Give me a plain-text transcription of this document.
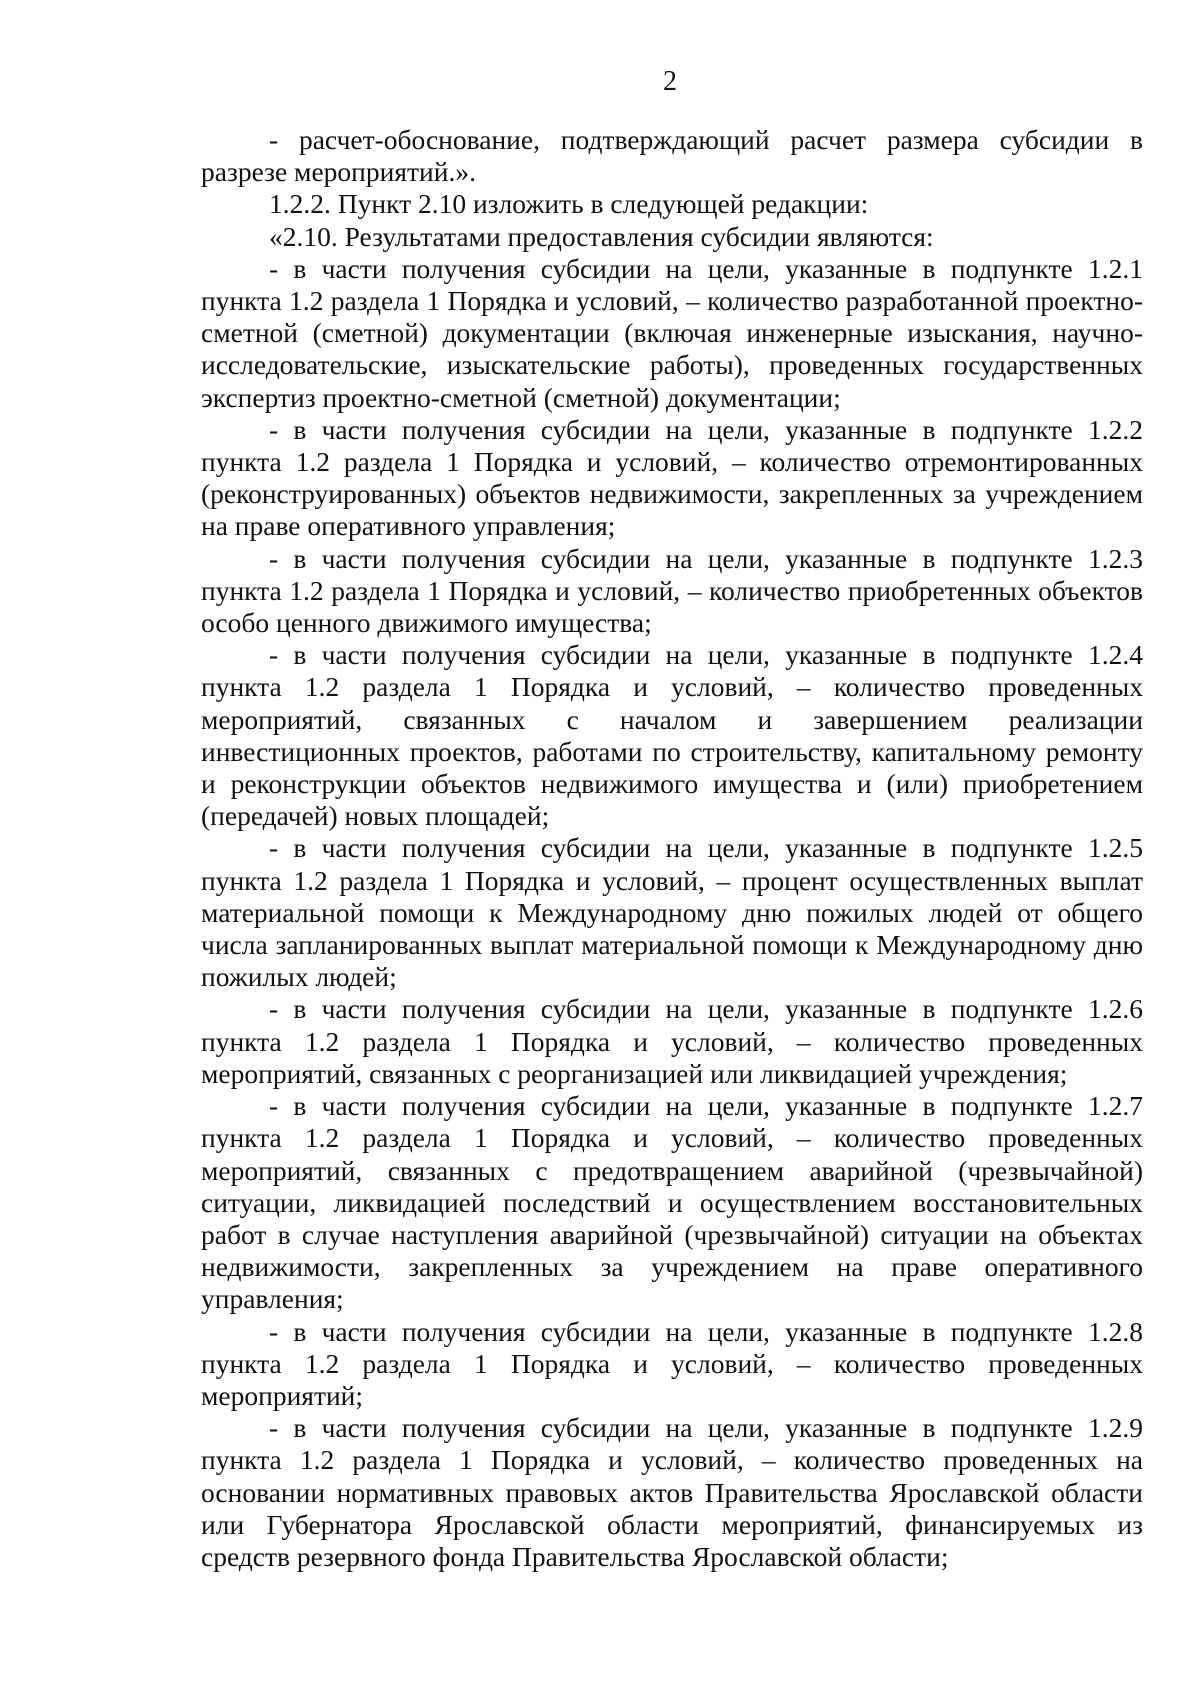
2

- расчет-обоснование, подтверждающий расчет размера субсидии в разрезе мероприятий.».

1.2.2. Пункт 2.10 изложить в следующей редакции:

«2.10. Результатами предоставления субсидии являются:

- в части получения субсидии на цели, указанные в подпункте 1.2.1 пункта 1.2 раздела 1 Порядка и условий, – количество разработанной проектно-сметной (сметной) документации (включая инженерные изыскания, научно-исследовательские, изыскательские работы), проведенных государственных экспертиз проектно-сметной (сметной) документации;

- в части получения субсидии на цели, указанные в подпункте 1.2.2 пункта 1.2 раздела 1 Порядка и условий, – количество отремонтированных (реконструированных) объектов недвижимости, закрепленных за учреждением на праве оперативного управления;

- в части получения субсидии на цели, указанные в подпункте 1.2.3 пункта 1.2 раздела 1 Порядка и условий, – количество приобретенных объектов особо ценного движимого имущества;

- в части получения субсидии на цели, указанные в подпункте 1.2.4 пункта 1.2 раздела 1 Порядка и условий, – количество проведенных мероприятий, связанных с началом и завершением реализации инвестиционных проектов, работами по строительству, капитальному ремонту и реконструкции объектов недвижимого имущества и (или) приобретением (передачей) новых площадей;

- в части получения субсидии на цели, указанные в подпункте 1.2.5 пункта 1.2 раздела 1 Порядка и условий, – процент осуществленных выплат материальной помощи к Международному дню пожилых людей от общего числа запланированных выплат материальной помощи к Международному дню пожилых людей;

- в части получения субсидии на цели, указанные в подпункте 1.2.6 пункта 1.2 раздела 1 Порядка и условий, – количество проведенных мероприятий, связанных с реорганизацией или ликвидацией учреждения;

- в части получения субсидии на цели, указанные в подпункте 1.2.7 пункта 1.2 раздела 1 Порядка и условий, – количество проведенных мероприятий, связанных с предотвращением аварийной (чрезвычайной) ситуации, ликвидацией последствий и осуществлением восстановительных работ в случае наступления аварийной (чрезвычайной) ситуации на объектах недвижимости, закрепленных за учреждением на праве оперативного управления;

- в части получения субсидии на цели, указанные в подпункте 1.2.8 пункта 1.2 раздела 1 Порядка и условий, – количество проведенных мероприятий;

- в части получения субсидии на цели, указанные в подпункте 1.2.9 пункта 1.2 раздела 1 Порядка и условий, – количество проведенных на основании нормативных правовых актов Правительства Ярославской области или Губернатора Ярославской области мероприятий, финансируемых из средств резервного фонда Правительства Ярославской области;
